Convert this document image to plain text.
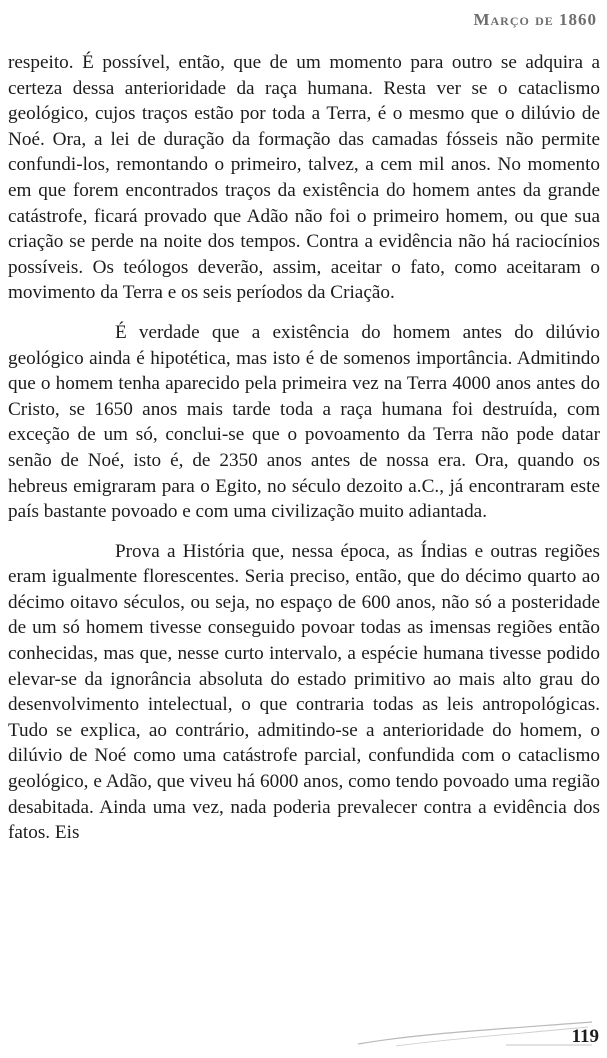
Março de 1860

respeito. É possível, então, que de um momento para outro se adquira a certeza dessa anterioridade da raça humana. Resta ver se o cataclismo geológico, cujos traços estão por toda a Terra, é o mesmo que o dilúvio de Noé. Ora, a lei de duração da formação das camadas fósseis não permite confundi-los, remontando o primeiro, talvez, a cem mil anos. No momento em que forem encontrados traços da existência do homem antes da grande catástrofe, ficará provado que Adão não foi o primeiro homem, ou que sua criação se perde na noite dos tempos. Contra a evidência não há raciocínios possíveis. Os teólogos deverão, assim, aceitar o fato, como aceitaram o movimento da Terra e os seis períodos da Criação.

É verdade que a existência do homem antes do dilúvio geológico ainda é hipotética, mas isto é de somenos importância. Admitindo que o homem tenha aparecido pela primeira vez na Terra 4000 anos antes do Cristo, se 1650 anos mais tarde toda a raça humana foi destruída, com exceção de um só, conclui-se que o povoamento da Terra não pode datar senão de Noé, isto é, de 2350 anos antes de nossa era. Ora, quando os hebreus emigraram para o Egito, no século dezoito a.C., já encontraram este país bastante povoado e com uma civilização muito adiantada.

Prova a História que, nessa época, as Índias e outras regiões eram igualmente florescentes. Seria preciso, então, que do décimo quarto ao décimo oitavo séculos, ou seja, no espaço de 600 anos, não só a posteridade de um só homem tivesse conseguido povoar todas as imensas regiões então conhecidas, mas que, nesse curto intervalo, a espécie humana tivesse podido elevar-se da ignorância absoluta do estado primitivo ao mais alto grau do desenvolvimento intelectual, o que contraria todas as leis antropológicas. Tudo se explica, ao contrário, admitindo-se a anterioridade do homem, o dilúvio de Noé como uma catástrofe parcial, confundida com o cataclismo geológico, e Adão, que viveu há 6000 anos, como tendo povoado uma região desabitada. Ainda uma vez, nada poderia prevalecer contra a evidência dos fatos. Eis

119
